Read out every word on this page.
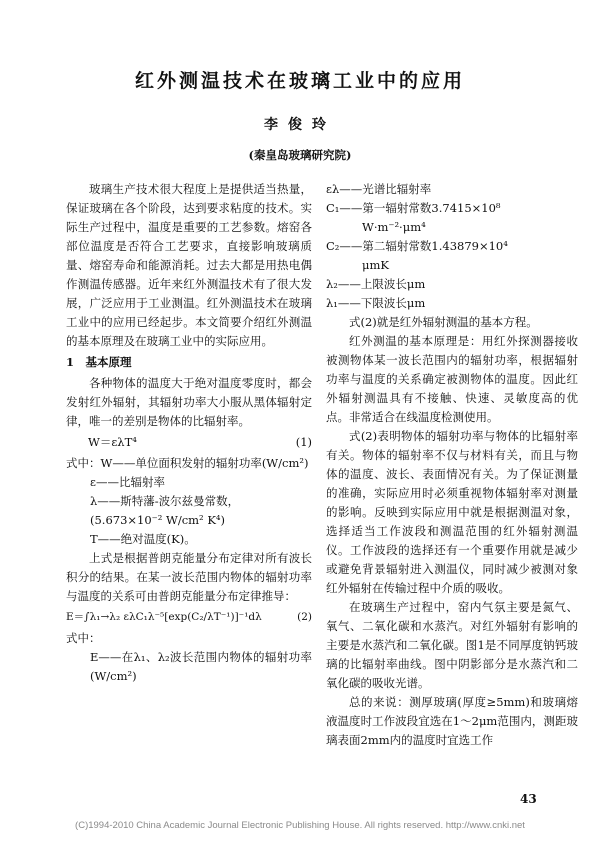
红外测温技术在玻璃工业中的应用
李俊玲
(秦皇岛玻璃研究院)

玻璃生产技术很大程度上是提供适当热量，保证玻璃在各个阶段，达到要求粘度的技术。实际生产过程中，温度是重要的工艺参数。熔窑各部位温度是否符合工艺要求，直接影响玻璃质量、熔窑寿命和能源消耗。过去大都是用热电偶作测温传感器。近年来红外测温技术有了很大发展，广泛应用于工业测温。红外测温技术在玻璃工业中的应用已经起步。本文简要介绍红外测温的基本原理及在玻璃工业中的实际应用。

1　基本原理

各种物体的温度大于绝对温度零度时，都会发射红外辐射，其辐射功率大小服从黑体辐射定律，唯一的差别是物体的比辐射率。

W＝ελT⁴	(1)

式中：W——单位面积发射的辐射功率(W/cm²)

ε——比辐射率

λ——斯特藩-波尔兹曼常数，

(5.673×10⁻² W/cm² K⁴)

T——绝对温度(K)。

上式是根据普朗克能量分布定律对所有波长积分的结果。在某一波长范围内物体的辐射功率与温度的关系可由普朗克能量分布定律推导：

E＝∫λ₁→λ₂ ελC₁λ⁻⁵[exp(C₂/λT⁻¹)]⁻¹dλ	(2)

式中：

E——在λ₁、λ₂波长范围内物体的辐射功率(W/cm²)

ελ——光谱比辐射率

C₁——第一辐射常数3.7415×10⁸

W·m⁻²·μm⁴

C₂——第二辐射常数1.43879×10⁴

μmK

λ₂——上限波长μm

λ₁——下限波长μm

式(2)就是红外辐射测温的基本方程。

红外测温的基本原理是：用红外探测器接收被测物体某一波长范围内的辐射功率，根据辐射功率与温度的关系确定被测物体的温度。因此红外辐射测温具有不接触、快速、灵敏度高的优点。非常适合在线温度检测使用。

式(2)表明物体的辐射功率与物体的比辐射率有关。物体的辐射率不仅与材料有关，而且与物体的温度、波长、表面情况有关。为了保证测量的准确，实际应用时必须重视物体辐射率对测量的影响。反映到实际应用中就是根据测温对象，选择适当工作波段和测温范围的红外辐射测温仪。工作波段的选择还有一个重要作用就是减少或避免背景辐射进入测温仪，同时减少被测对象红外辐射在传输过程中介质的吸收。

在玻璃生产过程中，窑内气氛主要是氮气、氧气、二氧化碳和水蒸汽。对红外辐射有影响的主要是水蒸汽和二氧化碳。图1是不同厚度钠钙玻璃的比辐射率曲线。图中阴影部分是水蒸汽和二氧化碳的吸收光谱。

总的来说：测厚玻璃(厚度≥5mm)和玻璃熔液温度时工作波段宜选在1～2μm范围内，测距玻璃表面2mm内的温度时宜选工作

43
(C)1994-2010 China Academic Journal Electronic Publishing House. All rights reserved. http://www.cnki.net
